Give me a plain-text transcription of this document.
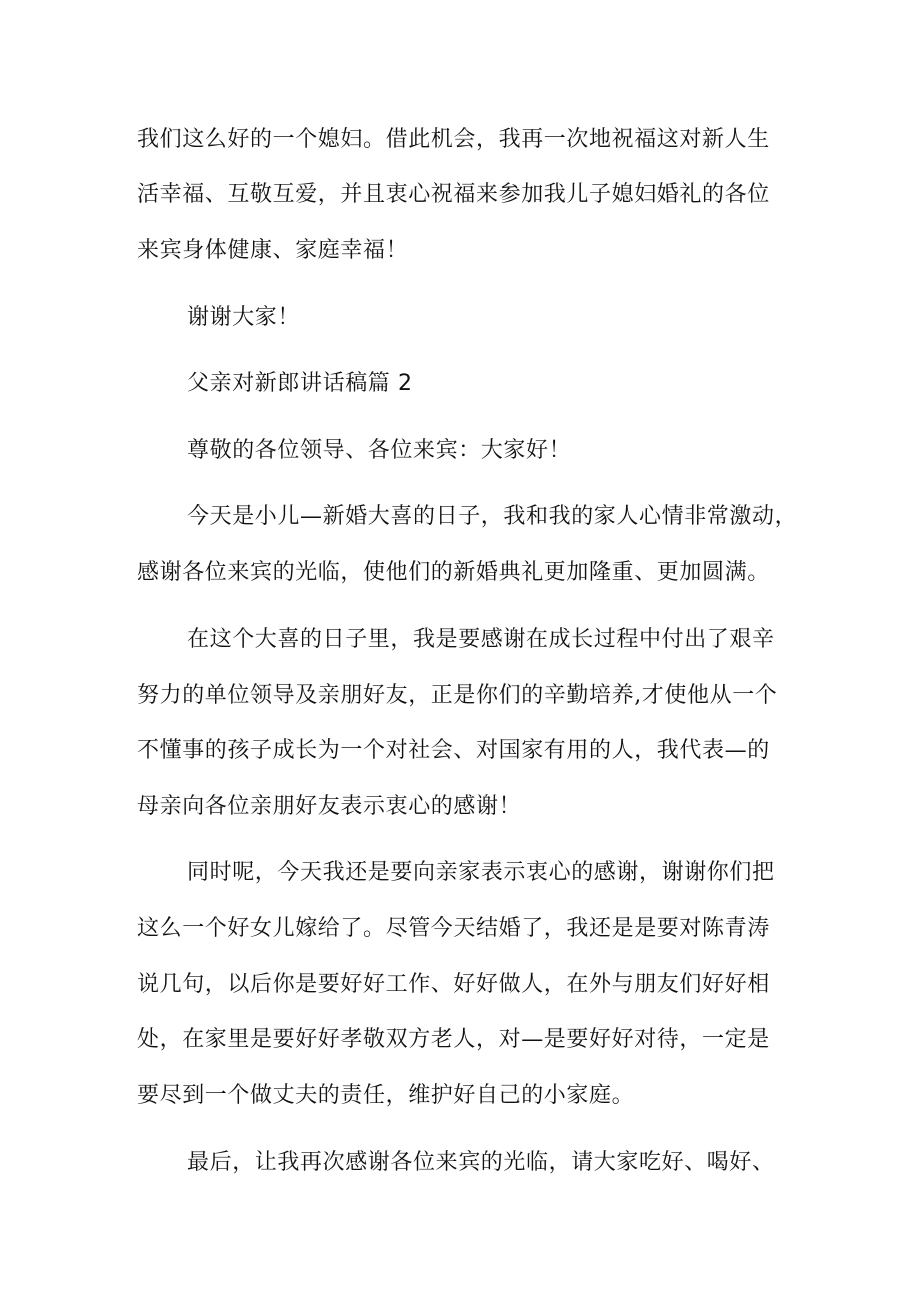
我们这么好的一个媳妇。借此机会，我再一次地祝福这对新人生
活幸福、互敬互爱，并且衷心祝福来参加我儿子媳妇婚礼的各位
来宾身体健康、家庭幸福！
谢谢大家！
父亲对新郎讲话稿篇 2
尊敬的各位领导、各位来宾：大家好！
今天是小儿—新婚大喜的日子，我和我的家人心情非常激动，
感谢各位来宾的光临，使他们的新婚典礼更加隆重、更加圆满。
在这个大喜的日子里，我是要感谢在成长过程中付出了艰辛
努力的单位领导及亲朋好友，正是你们的辛勤培养,才使他从一个
不懂事的孩子成长为一个对社会、对国家有用的人，我代表—的
母亲向各位亲朋好友表示衷心的感谢！
同时呢，今天我还是要向亲家表示衷心的感谢，谢谢你们把
这么一个好女儿嫁给了。尽管今天结婚了，我还是是要对陈青涛
说几句，以后你是要好好工作、好好做人，在外与朋友们好好相
处，在家里是要好好孝敬双方老人，对—是要好好对待，一定是
要尽到一个做丈夫的责任，维护好自己的小家庭。
最后，让我再次感谢各位来宾的光临，请大家吃好、喝好、
